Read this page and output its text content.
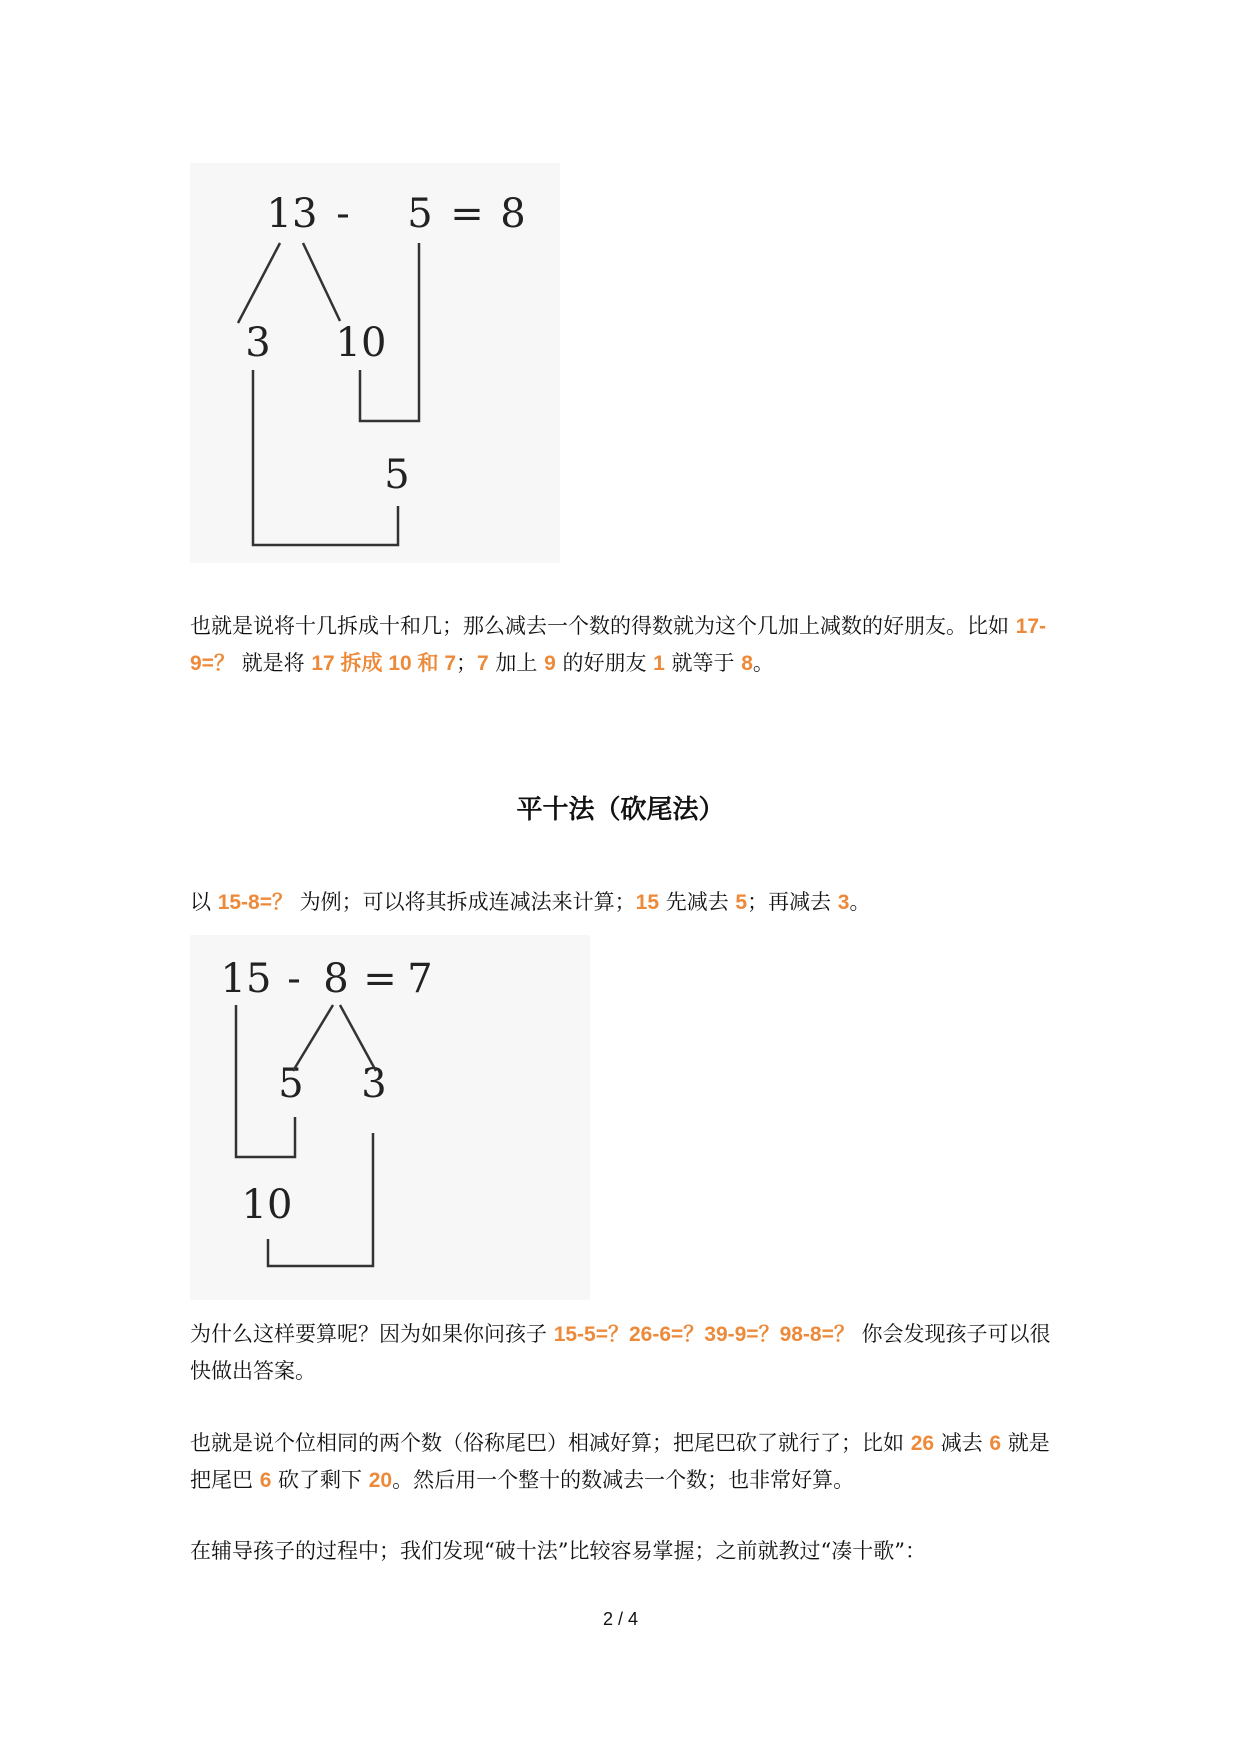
13 - 5 = 8
3 10
5

也就是说将十几拆成十和几；那么减去一个数的得数就为这个几加上减数的好朋友。比如 17-9=？ 就是将 17 拆成 10 和 7；7 加上 9 的好朋友 1 就等于 8。

平十法（砍尾法）

以 15-8=？ 为例；可以将其拆成连减法来计算；15 先减去 5；再减去 3。

15 - 8 = 7
5 3
10

为什么这样要算呢？因为如果你问孩子 15-5=？26-6=？39-9=？98-8=？ 你会发现孩子可以很快做出答案。

也就是说个位相同的两个数（俗称尾巴）相减好算；把尾巴砍了就行了；比如 26 减去 6 就是把尾巴 6 砍了剩下 20。然后用一个整十的数减去一个数；也非常好算。

在辅导孩子的过程中；我们发现“破十法”比较容易掌握；之前就教过“凑十歌”：

2 / 4
